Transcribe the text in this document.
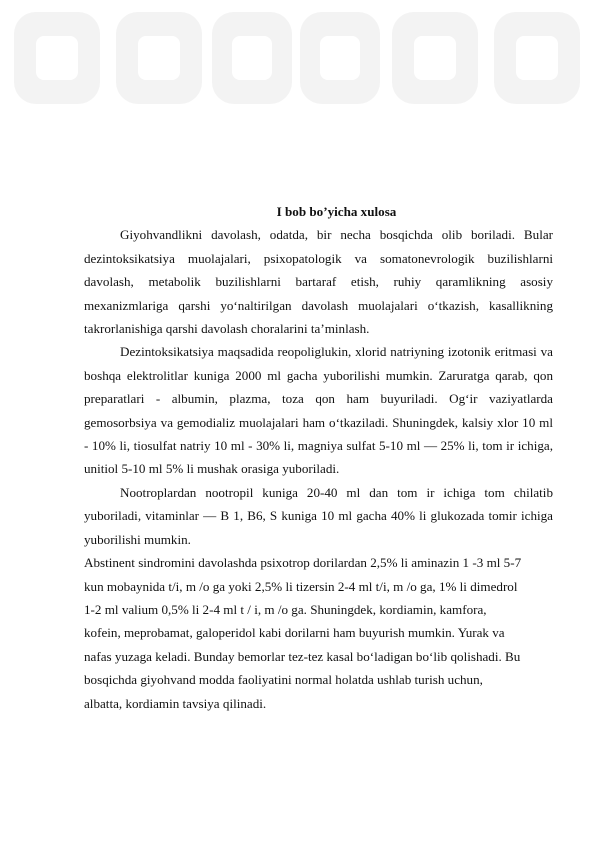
I bob bo’yicha xulosa

Giyohvandlikni davolash, odatda, bir necha bosqichda olib boriladi. Bular dezintoksikatsiya muolajalari, psixopatologik va somatonevrologik buzilishlarni davolash, metabolik buzilishlarni bartaraf etish, ruhiy qaramlikning asosiy mexanizmlariga qarshi yo‘naltirilgan davolash muolajalari o‘tkazish, kasallikning takrorlanishiga qarshi davolash choralarini ta’minlash.

Dezintoksikatsiya maqsadida reopoliglukin, xlorid natriyning izotonik eritmasi va boshqa elektrolitlar kuniga 2000 ml gacha yuborilishi mumkin. Zaruratga qarab, qon preparatlari - albumin, plazma, toza qon ham buyuriladi. Og‘ir vaziyatlarda gemosorbsiya va gemodializ muolajalari ham o‘tkaziladi. Shuningdek, kalsiy xlor 10 ml - 10% li, tiosulfat natriy 10 ml - 30% li, magniya sulfat 5-10 ml — 25% li, tom ir ichiga, unitiol 5-10 ml 5% li mushak orasiga yuboriladi.

Nootroplardan nootropil kuniga 20-40 ml dan tom ir ichiga tom chilatib yuboriladi, vitaminlar — B 1, B6, S kuniga 10 ml gacha 40% li glukozada tomir ichiga yuborilishi mumkin.

Abstinent sindromini davolashda psixotrop dorilardan 2,5% li aminazin 1 -3 ml 5-7
kun mobaynida t/i, m /o ga yoki 2,5% li tizersin 2-4 ml t/i, m /o ga, 1% li dimedrol
1-2 ml valium 0,5% li 2-4 ml t / i, m /o ga. Shuningdek, kordiamin, kamfora,
kofein, meprobamat, galoperidol kabi dorilarni ham buyurish mumkin. Yurak va
nafas yuzaga keladi. Bunday bemorlar tez-tez kasal bo‘ladigan bo‘lib qolishadi. Bu
bosqichda giyohvand modda faoliyatini normal holatda ushlab turish uchun,
albatta, kordiamin tavsiya qilinadi.
